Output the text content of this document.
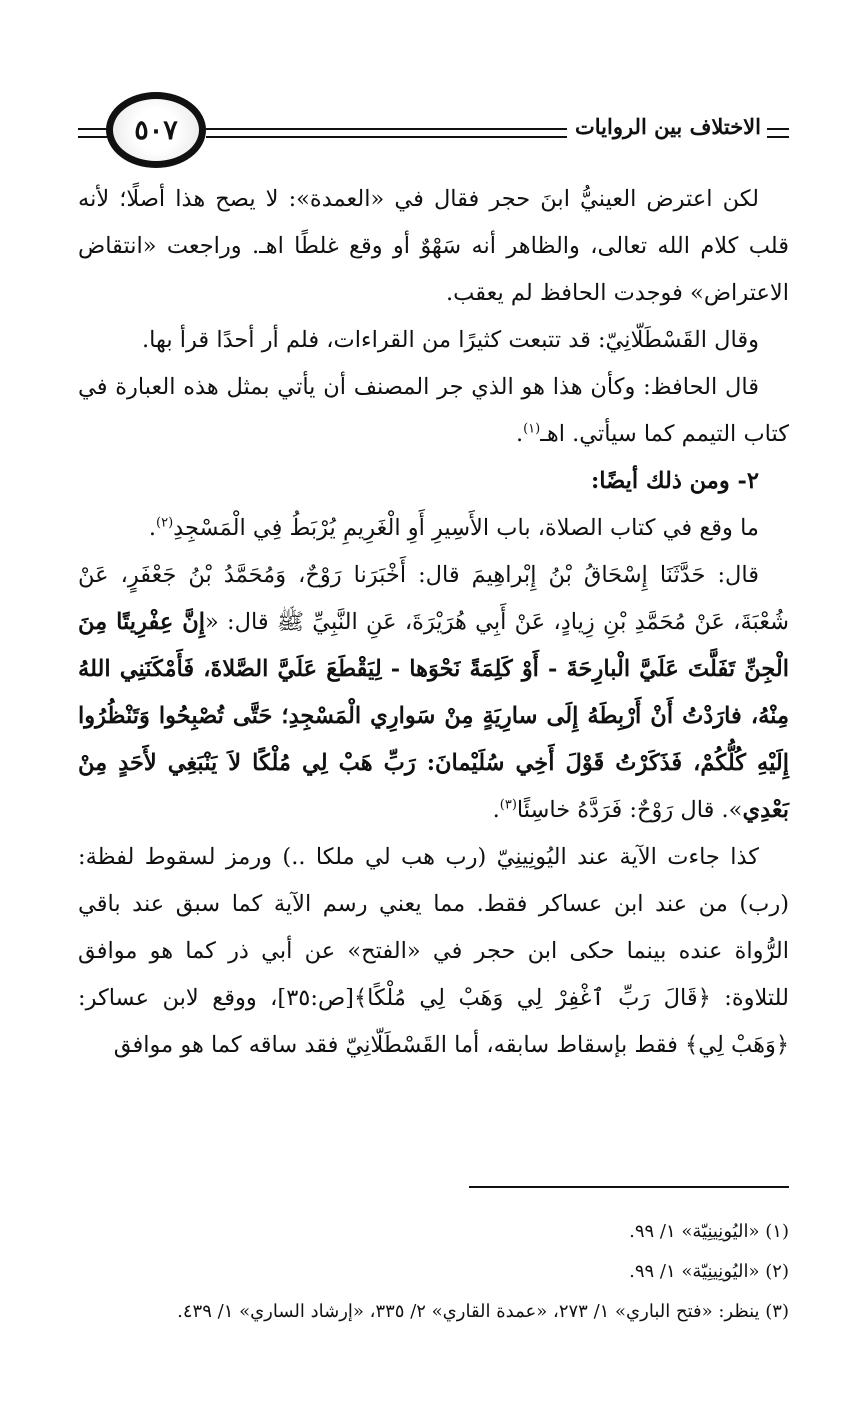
الاختلاف بين الروايات
٥٠٧

لكن اعترض العينيُّ ابنَ حجر فقال في «العمدة»: لا يصح هذا أصلًا؛ لأنه قلب كلام الله تعالى، والظاهر أنه سَهْوٌ أو وقع غلطًا اهـ. وراجعت «انتقاض الاعتراض» فوجدت الحافظ لم يعقب.

وقال القَسْطَلّانِيّ: قد تتبعت كثيرًا من القراءات، فلم أر أحدًا قرأ بها.

قال الحافظ: وكأن هذا هو الذي جر المصنف أن يأتي بمثل هذه العبارة في كتاب التيمم كما سيأتي. اهـ$^{(١)}$.

٢- ومن ذلك أيضًا:

ما وقع في كتاب الصلاة، باب الأَسِيرِ أَوِ الْغَرِيمِ يُرْبَطُ فِي الْمَسْجِدِ$^{(٢)}$.

قال: حَدَّثَنَا إِسْحَاقُ بْنُ إِبْراهِيمَ قال: أَخْبَرَنا رَوْحٌ، وَمُحَمَّدُ بْنُ جَعْفَرٍ، عَنْ شُعْبَةَ، عَنْ مُحَمَّدِ بْنِ زِيادٍ، عَنْ أَبِي هُرَيْرَةَ، عَنِ النَّبِيِّ ﷺ قال: «إِنَّ عِفْرِيتًا مِنَ الْجِنِّ تَفَلَّتَ عَلَيَّ الْبارِحَةَ - أَوْ كَلِمَةً نَحْوَها - لِيَقْطَعَ عَلَيَّ الصَّلاةَ، فَأَمْكَنَنِي اللهُ مِنْهُ، فارَدْتُ أَنْ أَرْبِطَهُ إِلَى سارِيَةٍ مِنْ سَوارِي الْمَسْجِدِ؛ حَتَّى تُصْبِحُوا وَتَنْظُرُوا إِلَيْهِ كُلُّكُمْ، فَذَكَرْتُ قَوْلَ أَخِي سُلَيْمانَ: رَبِّ هَبْ لِي مُلْكًا لاَ يَنْبَغِي لأَحَدٍ مِنْ بَعْدِي». قال رَوْحٌ: فَرَدَّهُ خاسِئًا$^{(٣)}$.

كذا جاءت الآية عند اليُونِينِيّ (رب هب لي ملكا ..) ورمز لسقوط لفظة: (رب) من عند ابن عساكر فقط. مما يعني رسم الآية كما سبق عند باقي الرُّواة عنده بينما حكى ابن حجر في «الفتح» عن أبي ذر كما هو موافق للتلاوة: ﴿قَالَ رَبِّ ٱغْفِرْ لِي وَهَبْ لِي مُلْكًا﴾[ص:٣٥]، ووقع لابن عساكر: ﴿وَهَبْ لِي﴾ فقط بإسقاط سابقه، أما القَسْطَلّانِيّ فقد ساقه كما هو موافق

(١) «اليُونِينِيّة» ١/ ٩٩.

(٢) «اليُونِينِيّة» ١/ ٩٩.

(٣) ينظر: «فتح الباري» ١/ ٢٧٣، «عمدة القاري» ٢/ ٣٣٥، «إرشاد الساري» ١/ ٤٣٩.
